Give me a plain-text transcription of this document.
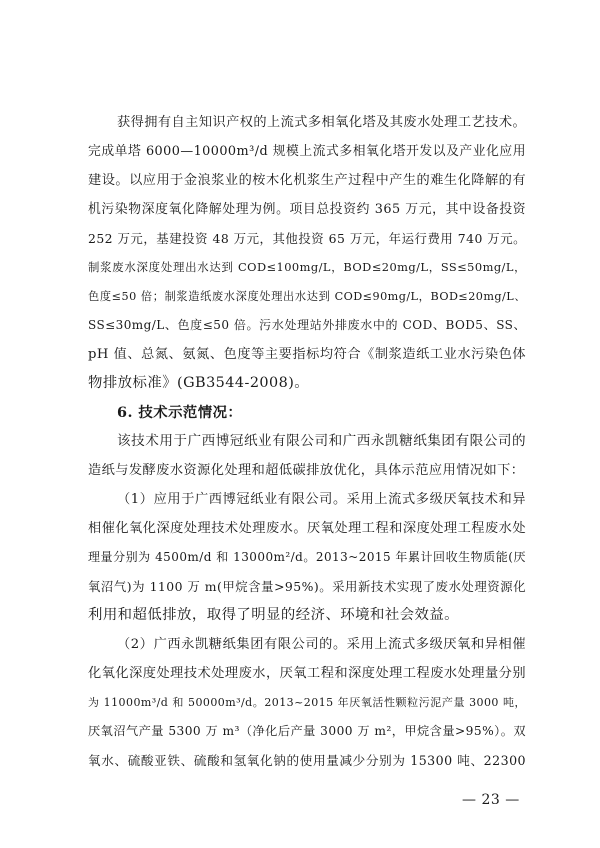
获得拥有自主知识产权的上流式多相氧化塔及其废水处理工艺技术。
完成单塔 6000—10000m³/d 规模上流式多相氧化塔开发以及产业化应用
建设。以应用于金浪浆业的桉木化机浆生产过程中产生的难生化降解的有
机污染物深度氧化降解处理为例。项目总投资约 365 万元，其中设备投资
252 万元，基建投资 48 万元，其他投资 65 万元，年运行费用 740 万元。
制浆废水深度处理出水达到 COD≤100mg/L，BOD≤20mg/L，SS≤50mg/L，
色度≤50 倍；制浆造纸废水深度处理出水达到 COD≤90mg/L，BOD≤20mg/L、
SS≤30mg/L、色度≤50 倍。污水处理站外排废水中的 COD、BOD5、SS、
pH 值、总氮、氨氮、色度等主要指标均符合《制浆造纸工业水污染色体
物排放标准》(GB3544-2008)。

6. 技术示范情况：

该技术用于广西博冠纸业有限公司和广西永凯糖纸集团有限公司的
造纸与发酵废水资源化处理和超低碳排放优化，具体示范应用情况如下：

（1）应用于广西博冠纸业有限公司。采用上流式多级厌氧技术和异
相催化氧化深度处理技术处理废水。厌氧处理工程和深度处理工程废水处
理量分别为 4500m/d 和 13000m²/d。2013~2015 年累计回收生物质能(厌
氧沼气)为 1100 万 m(甲烷含量>95%)。采用新技术实现了废水处理资源化
利用和超低排放，取得了明显的经济、环境和社会效益。

（2）广西永凯糖纸集团有限公司的。采用上流式多级厌氧和异相催
化氧化深度处理技术处理废水，厌氧工程和深度处理工程废水处理量分别
为 11000m³/d 和 50000m³/d。2013~2015 年厌氧活性颗粒污泥产量 3000 吨，
厌氧沼气产量 5300 万 m³（净化后产量 3000 万 m²，甲烷含量>95%）。双
氧水、硫酸亚铁、硫酸和氢氧化钠的使用量减少分别为 15300 吨、22300

— 23 —
